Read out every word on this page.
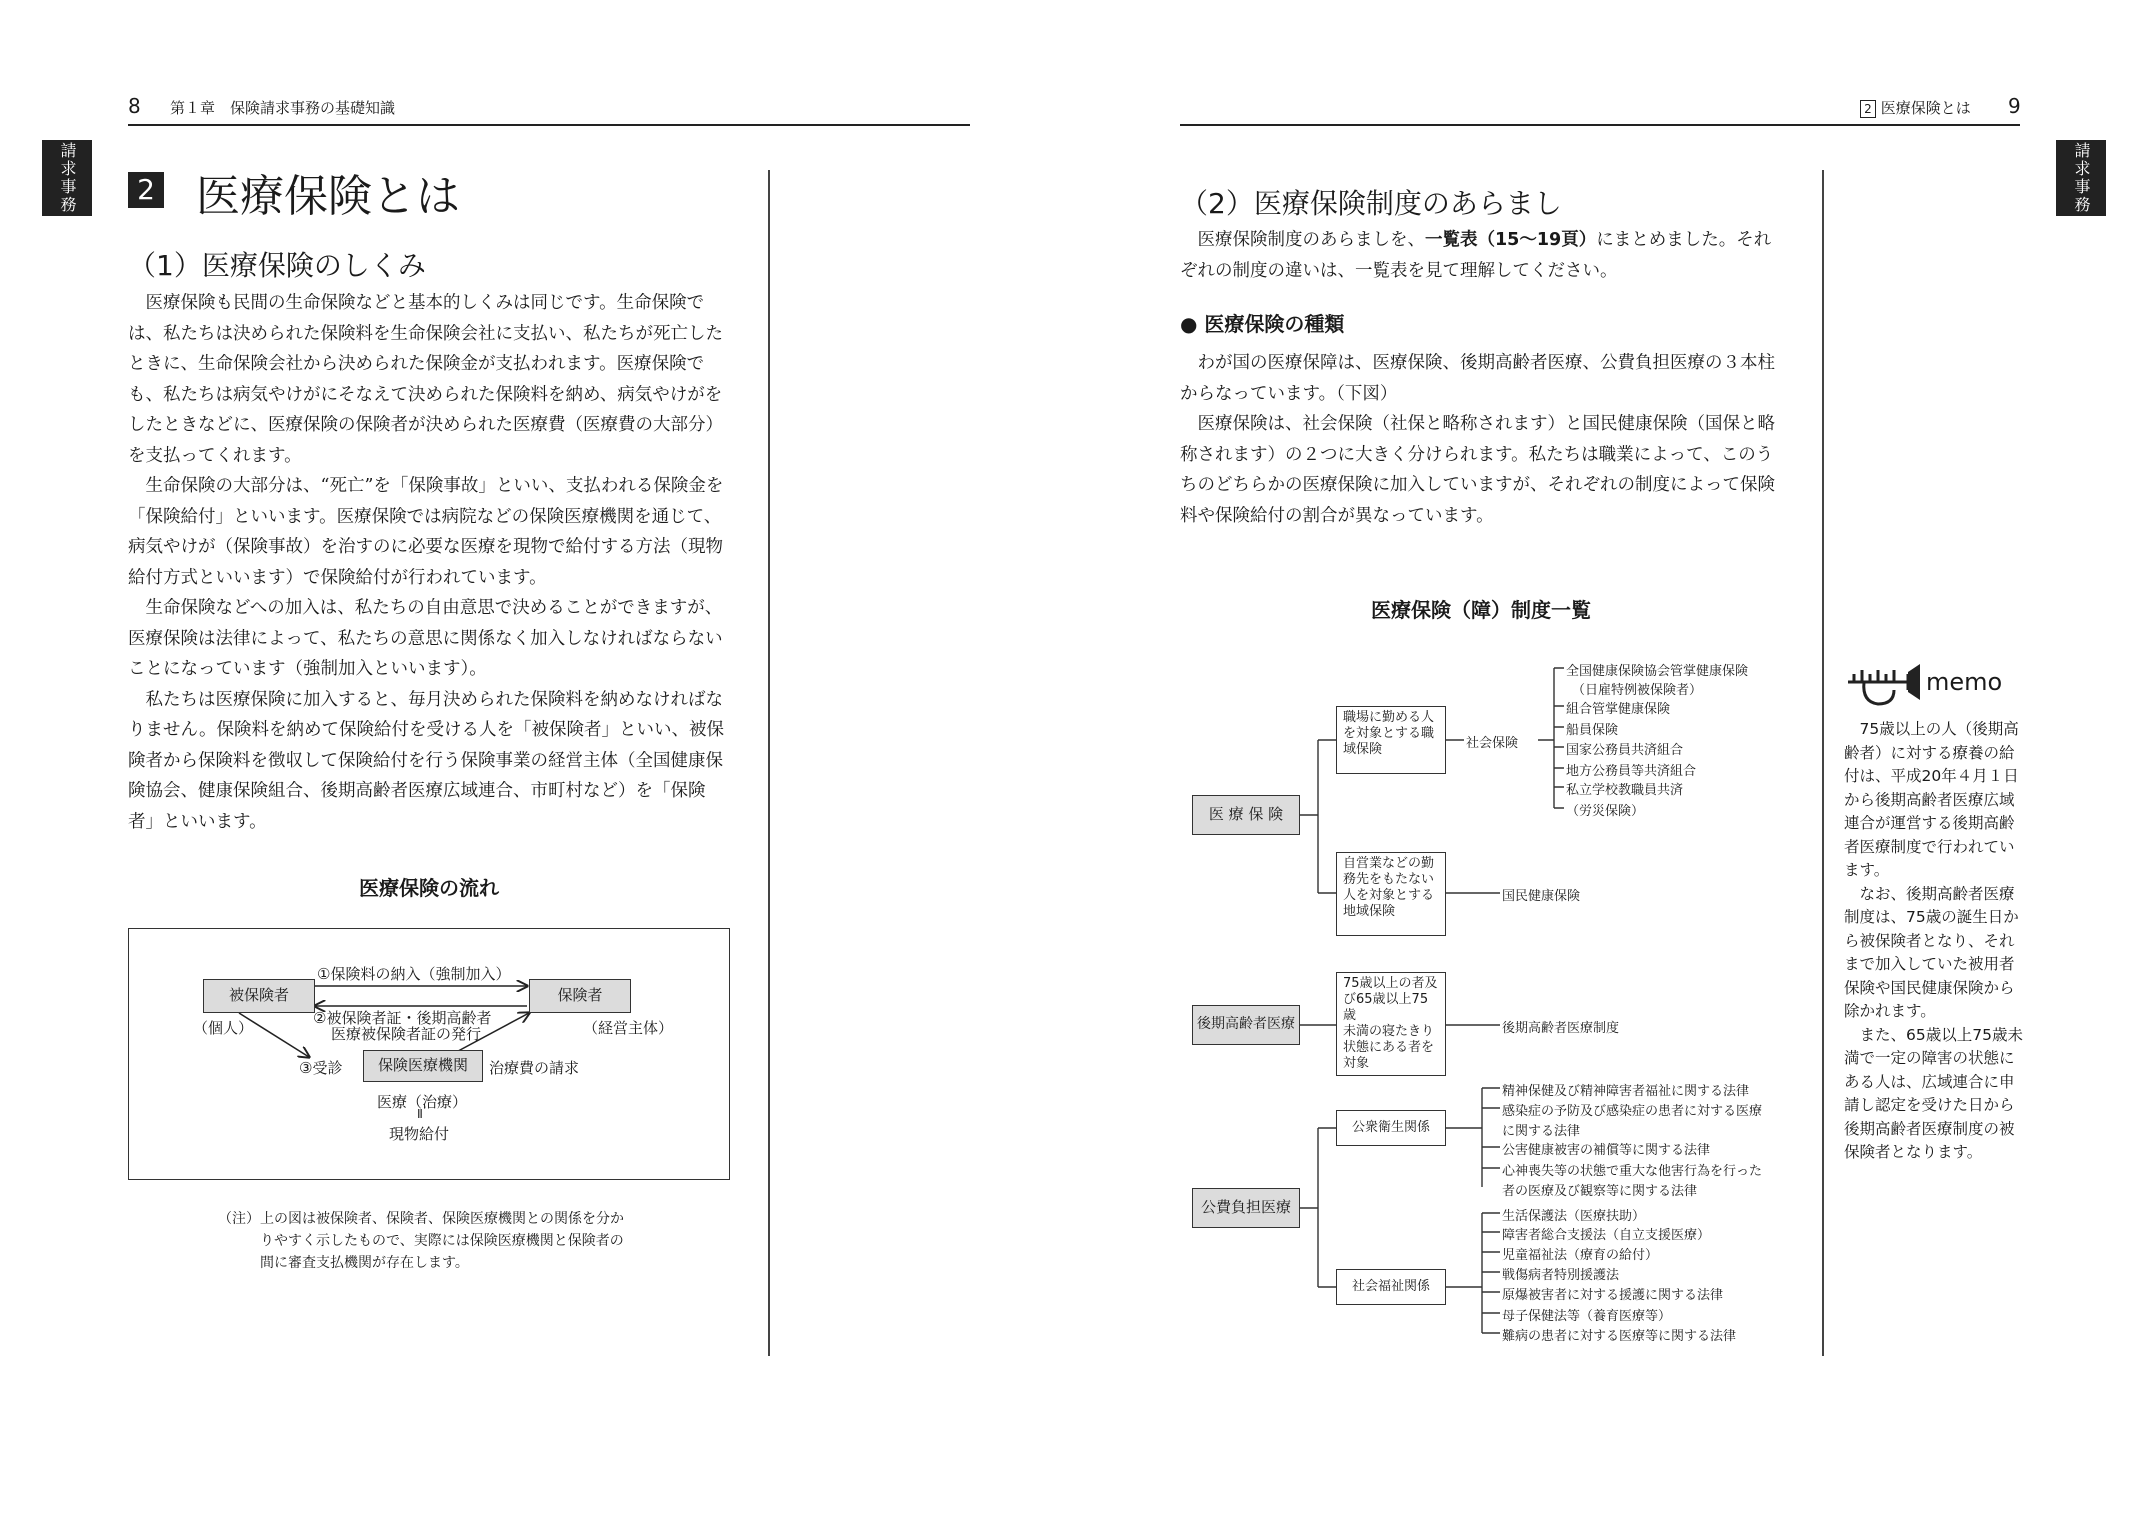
8 第１章　保険請求事務の基礎知識
請求事務	2 医療保険とは
（1）医療保険のしくみ

医療保険も民間の生命保険などと基本的しくみは同じです。生命保険では、私たちは決められた保険料を生命保険会社に支払い、私たちが死亡したときに、生命保険会社から決められた保険金が支払われます。医療保険でも、私たちは病気やけがにそなえて決められた保険料を納め、病気やけがをしたときなどに、医療保険の保険者が決められた医療費（医療費の大部分）を支払ってくれます。

生命保険の大部分は、“死亡”を「保険事故」といい、支払われる保険金を「保険給付」といいます。医療保険では病院などの保険医療機関を通じて、病気やけが（保険事故）を治すのに必要な医療を現物で給付する方法（現物給付方式といいます）で保険給付が行われています。

生命保険などへの加入は、私たちの自由意思で決めることができますが、医療保険は法律によって、私たちの意思に関係なく加入しなければならないことになっています（強制加入といいます）。

私たちは医療保険に加入すると、毎月決められた保険料を納めなければなりません。保険料を納めて保険給付を受ける人を「被保険者」といい、被保険者から保険料を徴収して保険給付を行う保険事業の経営主体（全国健康保険協会、健康保険組合、後期高齢者医療広域連合、市町村など）を「保険者」といいます。

医療保険の流れ
被保険者
（個人）
保険者
（経営主体）
①保険料の納入（強制加入）
②被保険者証・後期高齢者
医療被保険者証の発行
保険医療機関
③受診	治療費の請求
医療（治療）
Ⅱ
現物給付
（注）上の図は被保険者、保険者、保険医療機関との関係を分か
りやすく示したもので、実際には保険医療機関と保険者の
間に審査支払機関が存在します。
2 医療保険とは 9
請求事務
（2）医療保険制度のあらまし

医療保険制度のあらましを、一覧表（15〜19頁）にまとめました。それぞれの制度の違いは、一覧表を見て理解してください。

● 医療保険の種類

わが国の医療保障は、医療保険、後期高齢者医療、公費負担医療の３本柱からなっています。（下図）

医療保険は、社会保険（社保と略称されます）と国民健康保険（国保と略称されます）の２つに大きく分けられます。私たちは職業によって、このうちのどちらかの医療保険に加入していますが、それぞれの制度によって保険料や保険給付の割合が異なっています。

医療保険（障）制度一覧
医 療 保 険
職場に勤める人
を対象とする職
域保険	社会保険
全国健康保険協会管掌健康保険
（日雇特例被保険者）
組合管掌健康保険
船員保険
国家公務員共済組合
地方公務員等共済組合
私立学校教職員共済
（労災保険）
自営業などの勤
務先をもたない
人を対象とする
地域保険
国民健康保険
後期高齢者医療
75歳以上の者及
び65歳以上75歳
未満の寝たきり
状態にある者を
対象
後期高齢者医療制度
公費負担医療
公衆衛生関係
精神保健及び精神障害者福祉に関する法律
感染症の予防及び感染症の患者に対する医療
に関する法律
公害健康被害の補償等に関する法律
心神喪失等の状態で重大な他害行為を行った
者の医療及び観察等に関する法律
社会福祉関係
生活保護法（医療扶助）
障害者総合支援法（自立支援医療）
児童福祉法（療育の給付）
戦傷病者特別援護法
原爆被害者に対する援護に関する法律
母子保健法等（養育医療等）
難病の患者に対する医療等に関する法律
memo

75歳以上の人（後期高齢者）に対する療養の給付は、平成20年４月１日から後期高齢者医療広域連合が運営する後期高齢者医療制度で行われています。

なお、後期高齢者医療制度は、75歳の誕生日から被保険者となり、それまで加入していた被用者保険や国民健康保険から除かれます。

また、65歳以上75歳未満で一定の障害の状態にある人は、広域連合に申請し認定を受けた日から後期高齢者医療制度の被保険者となります。
